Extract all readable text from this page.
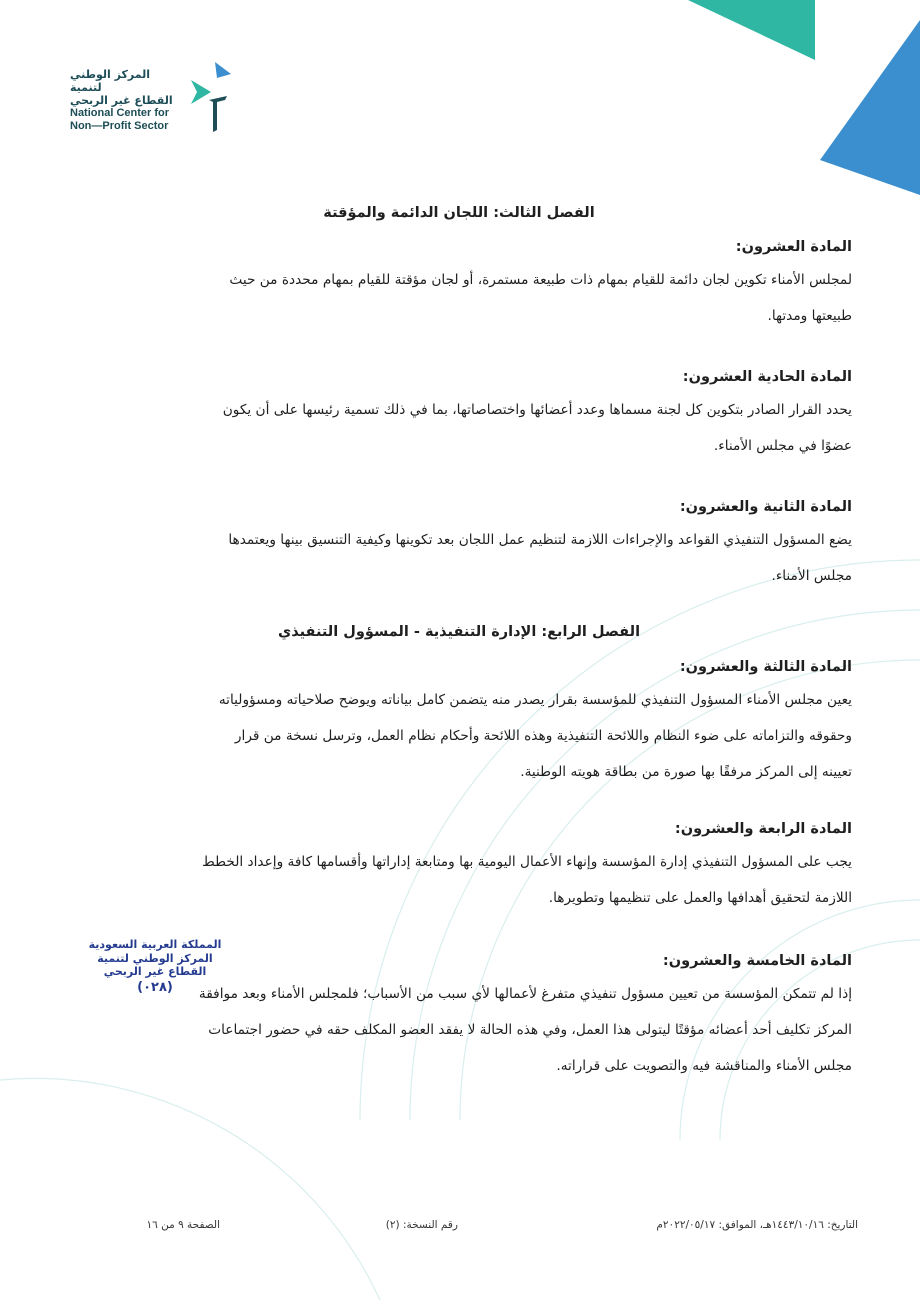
المركز الوطني لتنمية
القطاع غير الربحي
National Center for
Non—Profit Sector
الفصل الثالث: اللجان الدائمة والمؤقتة
المادة العشرون:

لمجلس الأمناء تكوين لجان دائمة للقيام بمهام ذات طبيعة مستمرة، أو لجان مؤقتة للقيام بمهام محددة من حيث

طبيعتها ومدتها.

المادة الحادية العشرون:

يحدد القرار الصادر بتكوين كل لجنة مسماها وعدد أعضائها واختصاصاتها، بما في ذلك تسمية رئيسها على أن يكون

عضوًا في مجلس الأمناء.

المادة الثانية والعشرون:

يضع المسؤول التنفيذي القواعد والإجراءات اللازمة لتنظيم عمل اللجان بعد تكوينها وكيفية التنسيق بينها ويعتمدها

مجلس الأمناء.

الفصل الرابع: الإدارة التنفيذية - المسؤول التنفيذي
المادة الثالثة والعشرون:

يعين مجلس الأمناء المسؤول التنفيذي للمؤسسة بقرار يصدر منه يتضمن كامل بياناته ويوضح صلاحياته ومسؤولياته

وحقوقه والتزاماته على ضوء النظام واللائحة التنفيذية وهذه اللائحة وأحكام نظام العمل، وترسل نسخة من قرار

تعيينه إلى المركز مرفقًا بها صورة من بطاقة هويته الوطنية.

المادة الرابعة والعشرون:

يجب على المسؤول التنفيذي إدارة المؤسسة وإنهاء الأعمال اليومية بها ومتابعة إداراتها وأقسامها كافة وإعداد الخطط

اللازمة لتحقيق أهدافها والعمل على تنظيمها وتطويرها.

المادة الخامسة والعشرون:

إذا لم تتمكن المؤسسة من تعيين مسؤول تنفيذي متفرغ لأعمالها لأي سبب من الأسباب؛ فلمجلس الأمناء وبعد موافقة

المركز تكليف أحد أعضائه مؤقتًا ليتولى هذا العمل، وفي هذه الحالة لا يفقد العضو المكلف حقه في حضور اجتماعات

مجلس الأمناء والمناقشة فيه والتصويت على قراراته.

المملكة العربية السعودية
المركز الوطني لتنمية
القطاع غير الربحي
(٠٢٨)
التاريخ: ١٤٤٣/١٠/١٦هـ، الموافق: ٢٠٢٢/٠٥/١٧م
رقم النسخة: (٢)
الصفحة ٩ من ١٦
